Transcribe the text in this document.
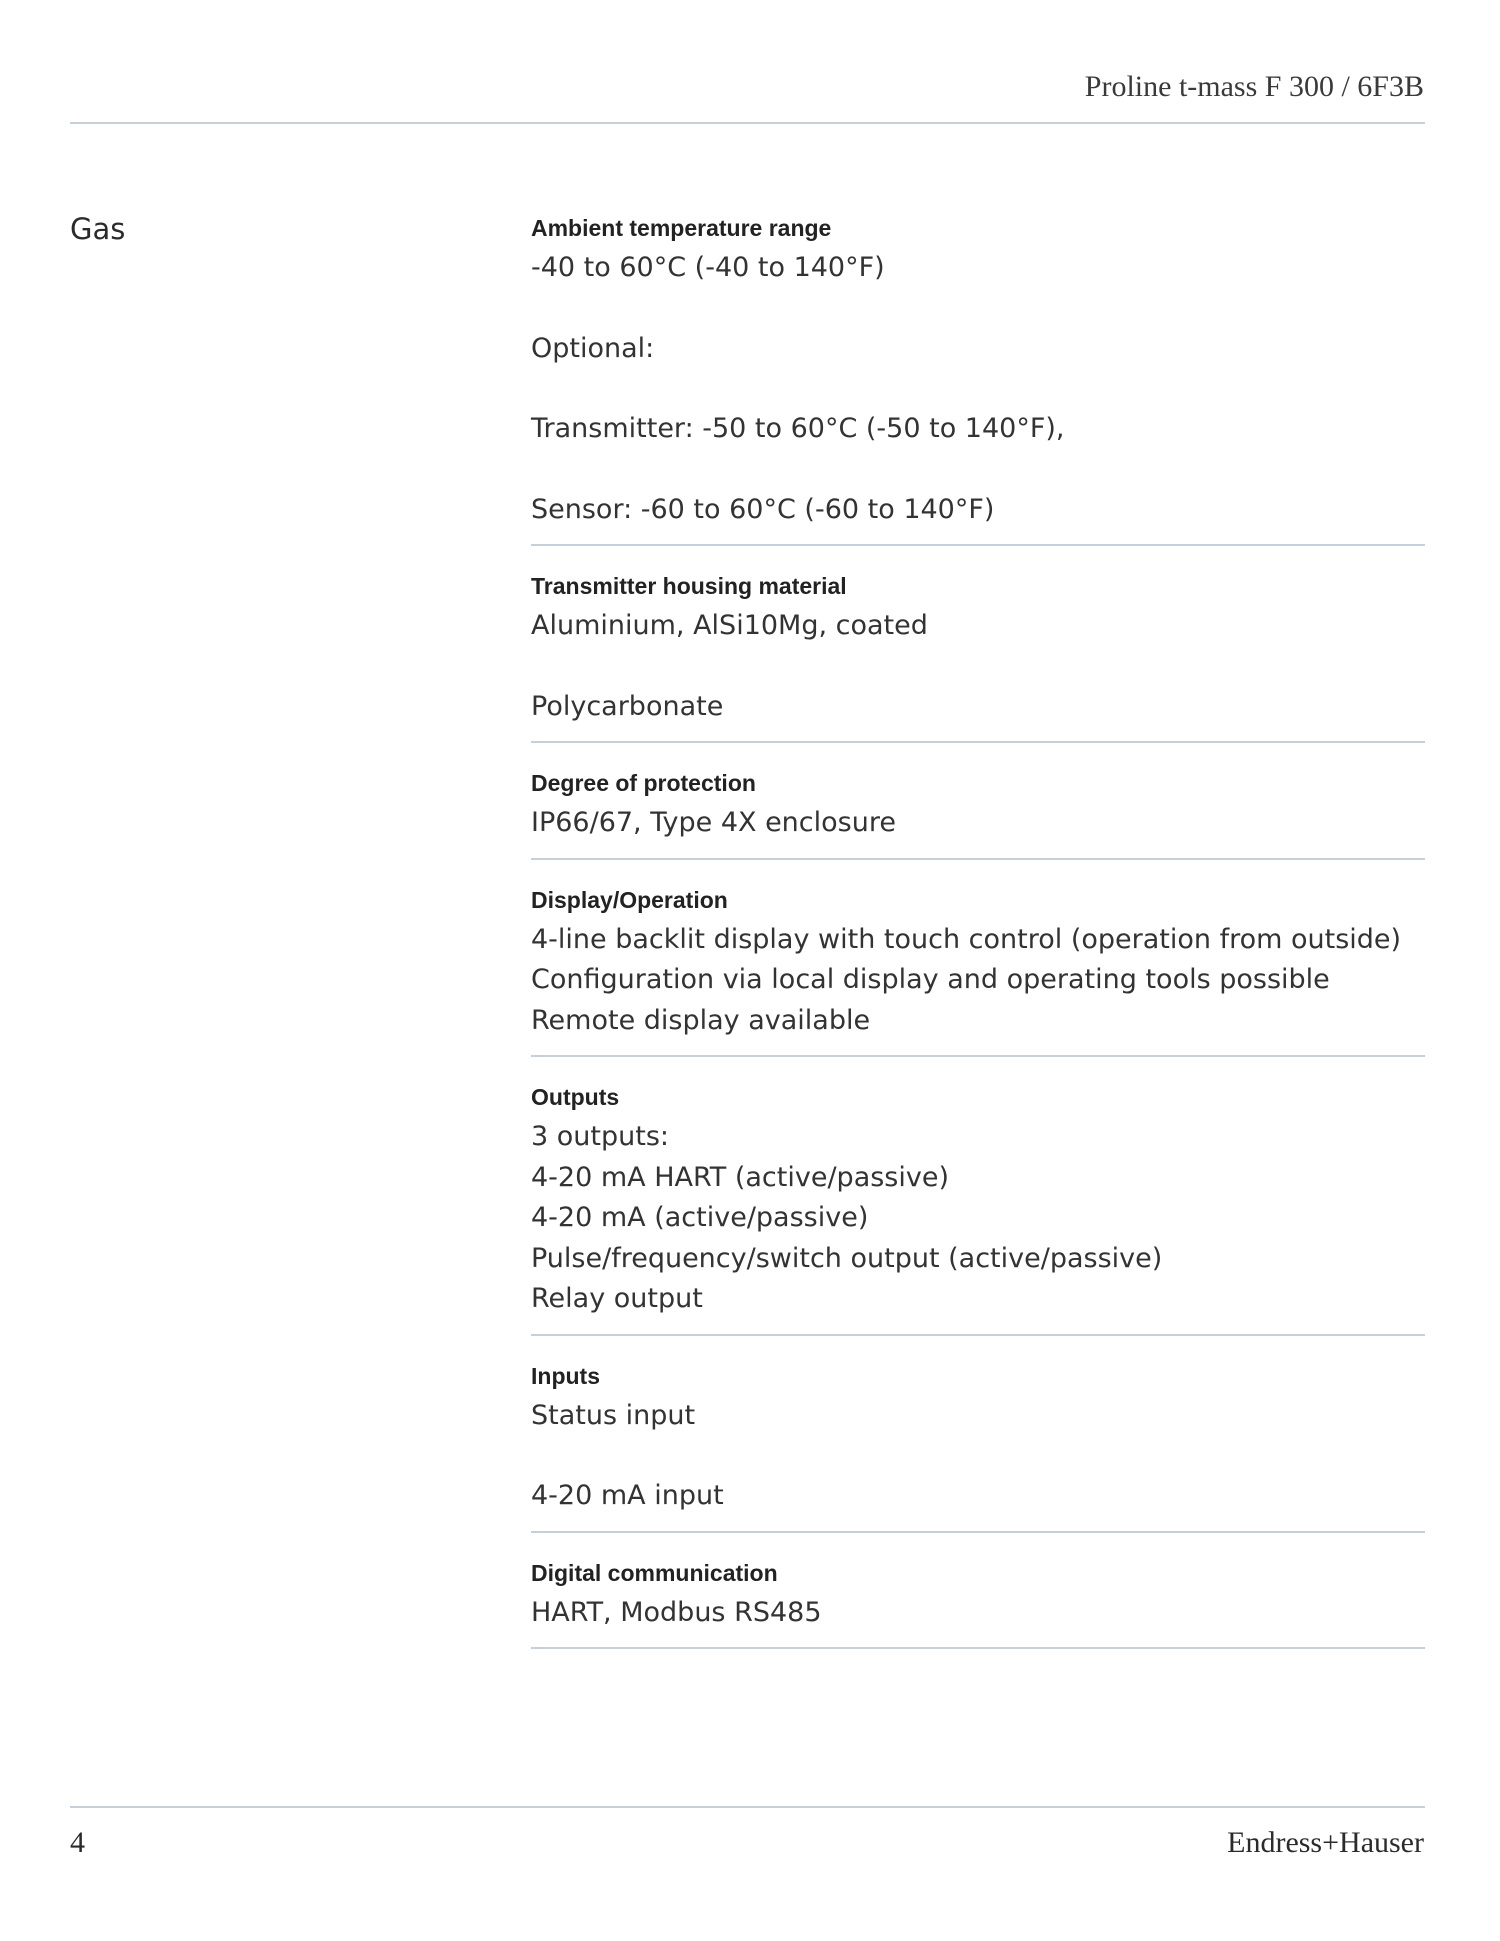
Proline t-mass F 300 / 6F3B
Gas	Ambient temperature range
-40 to 60°C (-40 to 140°F)
Optional:
Transmitter: -50 to 60°C (-50 to 140°F),
Sensor: -60 to 60°C (-60 to 140°F)
Transmitter housing material
Aluminium, AlSi10Mg, coated
Polycarbonate
Degree of protection
IP66/67, Type 4X enclosure
Display/Operation
4-line backlit display with touch control (operation from outside)
Configuration via local display and operating tools possible
Remote display available
Outputs
3 outputs:
4-20 mA HART (active/passive)
4-20 mA (active/passive)
Pulse/frequency/switch output (active/passive)
Relay output
Inputs
Status input
4-20 mA input
Digital communication
HART, Modbus RS485
4	Endress+Hauser
